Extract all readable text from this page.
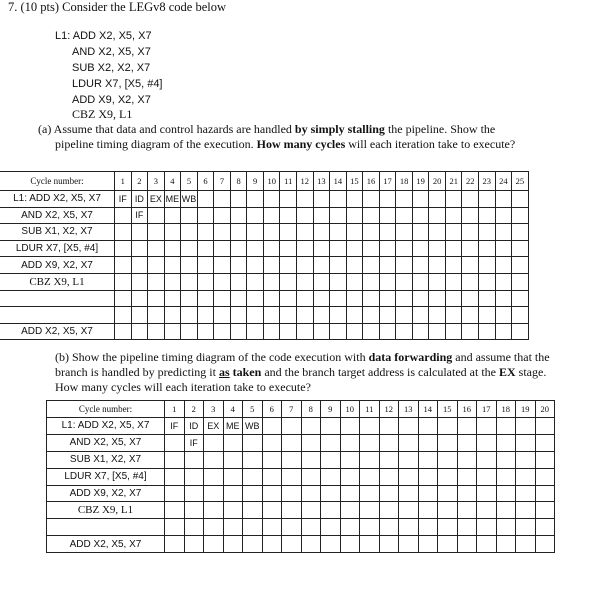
7. (10 pts) Consider the LEGv8 code below
L1: ADD X2, X5, X7
AND X2, X5, X7
SUB X2, X2, X7
LDUR X7, [X5, #4]
ADD X9, X2, X7
CBZ X9, L1
(a) Assume that data and control hazards are handled by simply stalling the pipeline. Show the
pipeline timing diagram of the execution. How many cycles will each iteration take to execute?
Cycle number:	1	2	3	4	5	6	7	8	9	10	11	12	13	14	15	16	17	18	19	20	21	22	23	24	25
L1: ADD X2, X5, X7	IF	ID	EX	ME	WB																				
AND X2, X5, X7		IF																							
SUB X1, X2, X7																									
LDUR X7, [X5, #4]																									
ADD X9, X2, X7																									
CBZ X9, L1																									

ADD X2, X5, X7																									
(b) Show the pipeline timing diagram of the code execution with data forwarding and assume that the
branch is handled by predicting it as taken and the branch target address is calculated at the EX stage.
How many cycles will each iteration take to execute?
Cycle number:	1	2	3	4	5	6	7	8	9	10	11	12	13	14	15	16	17	18	19	20
L1: ADD X2, X5, X7	IF	ID	EX	ME	WB															
AND X2, X5, X7		IF																		
SUB X1, X2, X7																				
LDUR X7, [X5, #4]																				
ADD X9, X2, X7																				
CBZ X9, L1																				

ADD X2, X5, X7																				
